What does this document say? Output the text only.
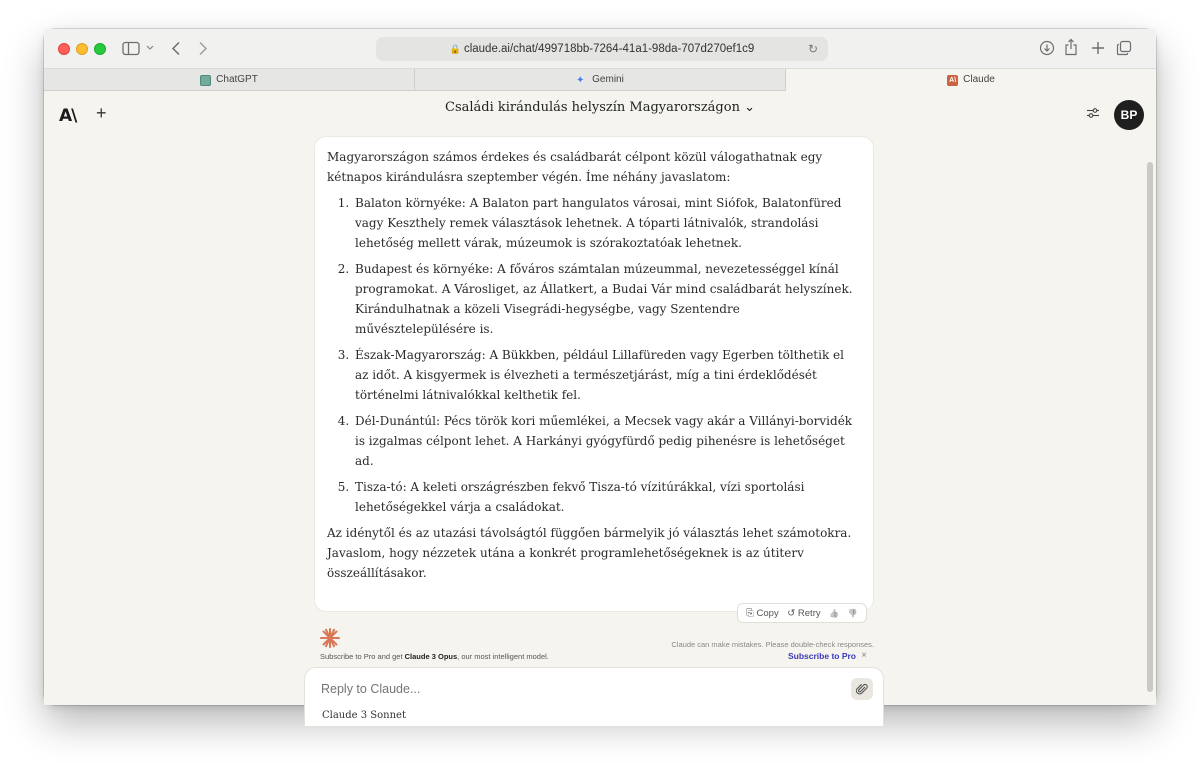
🔒 claude.ai/chat/499718bb-7264-41a1-98da-707d270ef1c9	↻
ChatGPT	✦ Gemini	A\ Claude
A\ +	Családi kirándulás helyszín Magyarországon ⌄	BP

Magyarországon számos érdekes és családbarát célpont közül válogathatnak egy kétnapos kirándulásra szeptember végén. Íme néhány javaslatom:

1. Balaton környéke: A Balaton part hangulatos városai, mint Siófok, Balatonfüred vagy Keszthely remek választások lehetnek. A tóparti látnivalók, strandolási lehetőség mellett várak, múzeumok is szórakoztatóak lehetnek.
2. Budapest és környéke: A főváros számtalan múzeummal, nevezetességgel kínál programokat. A Városliget, az Állatkert, a Budai Vár mind családbarát helyszínek. Kirándulhatnak a közeli Visegrádi-hegységbe, vagy Szentendre művésztelepülésére is.
3. Észak-Magyarország: A Bükkben, például Lillafüreden vagy Egerben tölthetik el az időt. A kisgyermek is élvezheti a természetjárást, míg a tini érdeklődését történelmi látnivalókkal kelthetik fel.
4. Dél-Dunántúl: Pécs török kori műemlékei, a Mecsek vagy akár a Villányi-borvidék is izgalmas célpont lehet. A Harkányi gyógyfürdő pedig pihenésre is lehetőséget ad.
5. Tisza-tó: A keleti országrészben fekvő Tisza-tó vízitúrákkal, vízi sportolási lehetőségekkel várja a családokat.

Az idénytől és az utazási távolságtól függően bármelyik jó választás lehet számotokra. Javaslom, hogy nézzetek utána a konkrét programlehetőségeknek is az útiterv összeállításakor.

⎘ Copy ↺ Retry 👍 👎
Subscribe to Pro and get Claude 3 Opus, our most intelligent model.
Claude can make mistakes. Please double-check responses.
Subscribe to Pro ×
Reply to Claude...
Claude 3 Sonnet
